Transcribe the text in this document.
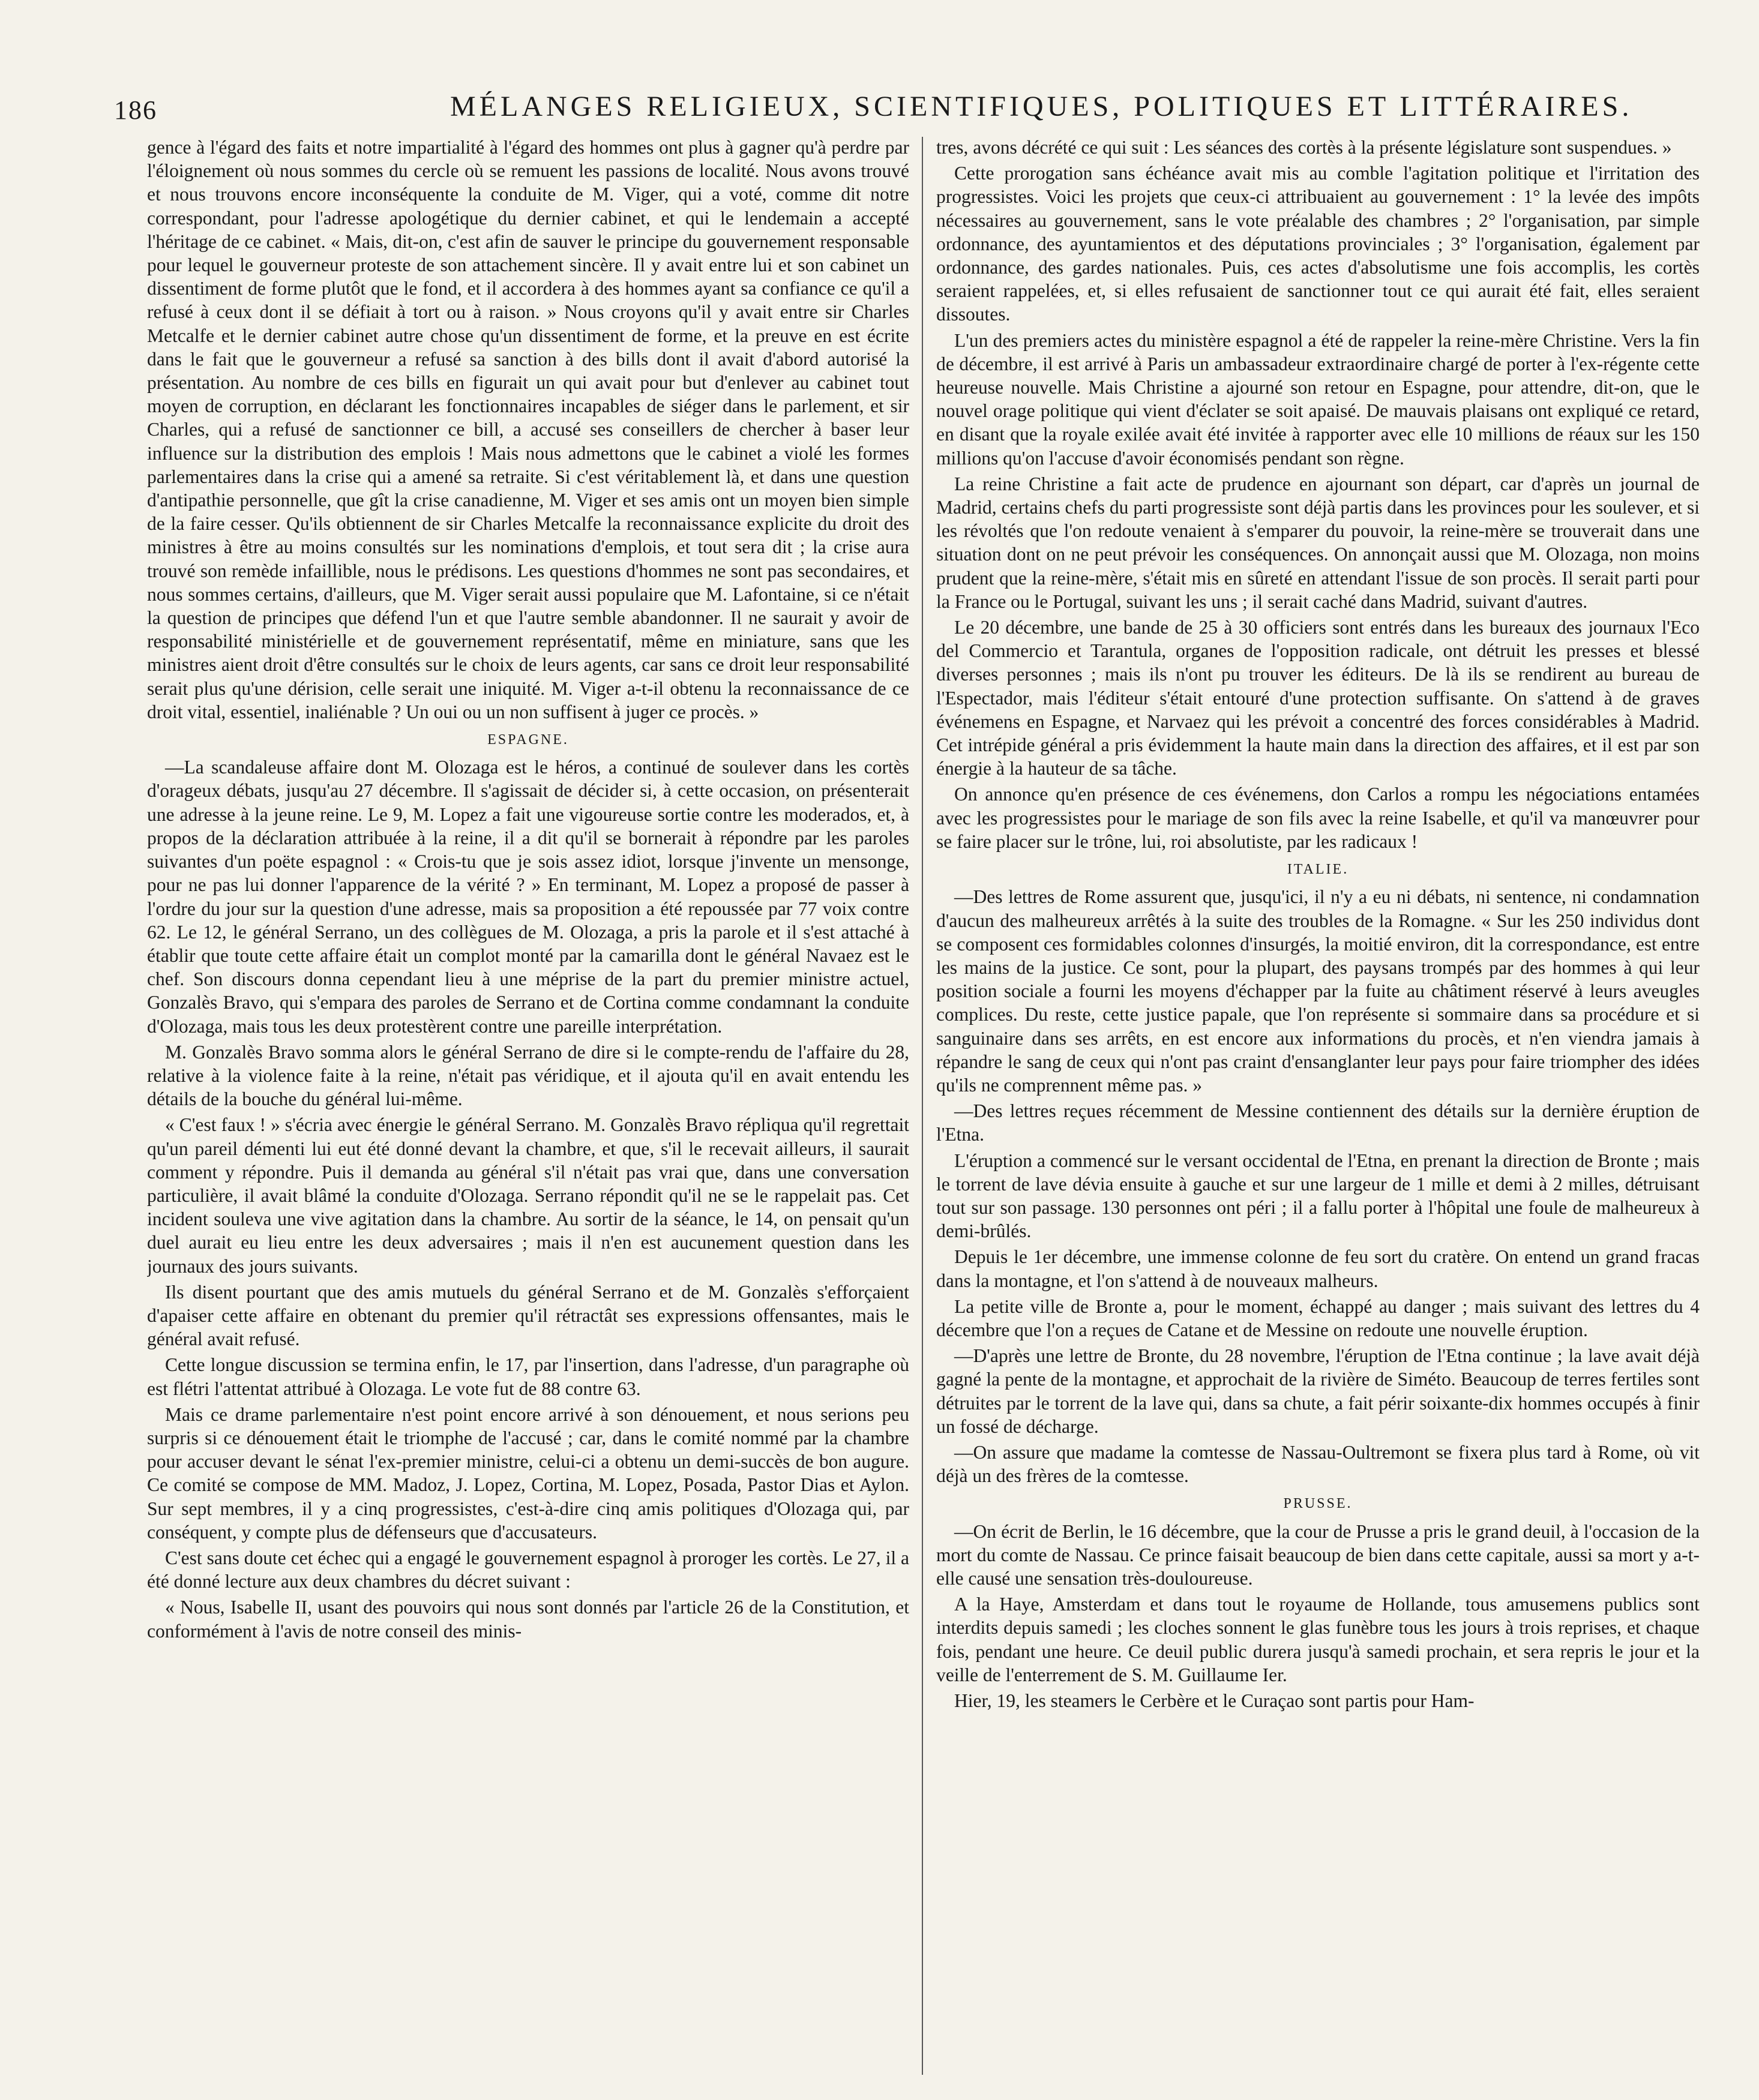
186	MÉLANGES RELIGIEUX, SCIENTIFIQUES, POLITIQUES ET LITTÉRAIRES.

gence à l'égard des faits et notre impartialité à l'égard des hommes ont plus à gagner qu'à perdre par l'éloignement où nous sommes du cercle où se remuent les passions de localité. Nous avons trouvé et nous trouvons encore inconséquente la conduite de M. Viger, qui a voté, comme dit notre correspondant, pour l'adresse apologétique du dernier cabinet, et qui le lendemain a accepté l'héritage de ce cabinet. « Mais, dit-on, c'est afin de sauver le principe du gouvernement responsable pour lequel le gouverneur proteste de son attachement sincère. Il y avait entre lui et son cabinet un dissentiment de forme plutôt que le fond, et il accordera à des hommes ayant sa confiance ce qu'il a refusé à ceux dont il se défiait à tort ou à raison. » Nous croyons qu'il y avait entre sir Charles Metcalfe et le dernier cabinet autre chose qu'un dissentiment de forme, et la preuve en est écrite dans le fait que le gouverneur a refusé sa sanction à des bills dont il avait d'abord autorisé la présentation. Au nombre de ces bills en figurait un qui avait pour but d'enlever au cabinet tout moyen de corruption, en déclarant les fonctionnaires incapables de siéger dans le parlement, et sir Charles, qui a refusé de sanctionner ce bill, a accusé ses conseillers de chercher à baser leur influence sur la distribution des emplois ! Mais nous admettons que le cabinet a violé les formes parlementaires dans la crise qui a amené sa retraite. Si c'est véritablement là, et dans une question d'antipathie personnelle, que gît la crise canadienne, M. Viger et ses amis ont un moyen bien simple de la faire cesser. Qu'ils obtiennent de sir Charles Metcalfe la reconnaissance explicite du droit des ministres à être au moins consultés sur les nominations d'emplois, et tout sera dit ; la crise aura trouvé son remède infaillible, nous le prédisons. Les questions d'hommes ne sont pas secondaires, et nous sommes certains, d'ailleurs, que M. Viger serait aussi populaire que M. Lafontaine, si ce n'était la question de principes que défend l'un et que l'autre semble abandonner. Il ne saurait y avoir de responsabilité ministérielle et de gouvernement représentatif, même en miniature, sans que les ministres aient droit d'être consultés sur le choix de leurs agents, car sans ce droit leur responsabilité serait plus qu'une dérision, celle serait une iniquité. M. Viger a-t-il obtenu la reconnaissance de ce droit vital, essentiel, inaliénable ? Un oui ou un non suffisent à juger ce procès. »

ESPAGNE.

—La scandaleuse affaire dont M. Olozaga est le héros, a continué de soulever dans les cortès d'orageux débats, jusqu'au 27 décembre. Il s'agissait de décider si, à cette occasion, on présenterait une adresse à la jeune reine. Le 9, M. Lopez a fait une vigoureuse sortie contre les moderados, et, à propos de la déclaration attribuée à la reine, il a dit qu'il se bornerait à répondre par les paroles suivantes d'un poëte espagnol : « Crois-tu que je sois assez idiot, lorsque j'invente un mensonge, pour ne pas lui donner l'apparence de la vérité ? » En terminant, M. Lopez a proposé de passer à l'ordre du jour sur la question d'une adresse, mais sa proposition a été repoussée par 77 voix contre 62. Le 12, le général Serrano, un des collègues de M. Olozaga, a pris la parole et il s'est attaché à établir que toute cette affaire était un complot monté par la camarilla dont le général Navaez est le chef. Son discours donna cependant lieu à une méprise de la part du premier ministre actuel, Gonzalès Bravo, qui s'empara des paroles de Serrano et de Cortina comme condamnant la conduite d'Olozaga, mais tous les deux protestèrent contre une pareille interprétation.

M. Gonzalès Bravo somma alors le général Serrano de dire si le compte-rendu de l'affaire du 28, relative à la violence faite à la reine, n'était pas véridique, et il ajouta qu'il en avait entendu les détails de la bouche du général lui-même.

« C'est faux ! » s'écria avec énergie le général Serrano. M. Gonzalès Bravo répliqua qu'il regrettait qu'un pareil démenti lui eut été donné devant la chambre, et que, s'il le recevait ailleurs, il saurait comment y répondre. Puis il demanda au général s'il n'était pas vrai que, dans une conversation particulière, il avait blâmé la conduite d'Olozaga. Serrano répondit qu'il ne se le rappelait pas. Cet incident souleva une vive agitation dans la chambre. Au sortir de la séance, le 14, on pensait qu'un duel aurait eu lieu entre les deux adversaires ; mais il n'en est aucunement question dans les journaux des jours suivants.

Ils disent pourtant que des amis mutuels du général Serrano et de M. Gonzalès s'efforçaient d'apaiser cette affaire en obtenant du premier qu'il rétractât ses expressions offensantes, mais le général avait refusé.

Cette longue discussion se termina enfin, le 17, par l'insertion, dans l'adresse, d'un paragraphe où est flétri l'attentat attribué à Olozaga. Le vote fut de 88 contre 63.

Mais ce drame parlementaire n'est point encore arrivé à son dénouement, et nous serions peu surpris si ce dénouement était le triomphe de l'accusé ; car, dans le comité nommé par la chambre pour accuser devant le sénat l'ex-premier ministre, celui-ci a obtenu un demi-succès de bon augure. Ce comité se compose de MM. Madoz, J. Lopez, Cortina, M. Lopez, Posada, Pastor Dias et Aylon. Sur sept membres, il y a cinq progressistes, c'est-à-dire cinq amis politiques d'Olozaga qui, par conséquent, y compte plus de défenseurs que d'accusateurs.

C'est sans doute cet échec qui a engagé le gouvernement espagnol à proroger les cortès. Le 27, il a été donné lecture aux deux chambres du décret suivant :

« Nous, Isabelle II, usant des pouvoirs qui nous sont donnés par l'article 26 de la Constitution, et conformément à l'avis de notre conseil des minis-

tres, avons décrété ce qui suit : Les séances des cortès à la présente législature sont suspendues. »

Cette prorogation sans échéance avait mis au comble l'agitation politique et l'irritation des progressistes. Voici les projets que ceux-ci attribuaient au gouvernement : 1° la levée des impôts nécessaires au gouvernement, sans le vote préalable des chambres ; 2° l'organisation, par simple ordonnance, des ayuntamientos et des députations provinciales ; 3° l'organisation, également par ordonnance, des gardes nationales. Puis, ces actes d'absolutisme une fois accomplis, les cortès seraient rappelées, et, si elles refusaient de sanctionner tout ce qui aurait été fait, elles seraient dissoutes.

L'un des premiers actes du ministère espagnol a été de rappeler la reine-mère Christine. Vers la fin de décembre, il est arrivé à Paris un ambassadeur extraordinaire chargé de porter à l'ex-régente cette heureuse nouvelle. Mais Christine a ajourné son retour en Espagne, pour attendre, dit-on, que le nouvel orage politique qui vient d'éclater se soit apaisé. De mauvais plaisans ont expliqué ce retard, en disant que la royale exilée avait été invitée à rapporter avec elle 10 millions de réaux sur les 150 millions qu'on l'accuse d'avoir économisés pendant son règne.

La reine Christine a fait acte de prudence en ajournant son départ, car d'après un journal de Madrid, certains chefs du parti progressiste sont déjà partis dans les provinces pour les soulever, et si les révoltés que l'on redoute venaient à s'emparer du pouvoir, la reine-mère se trouverait dans une situation dont on ne peut prévoir les conséquences. On annonçait aussi que M. Olozaga, non moins prudent que la reine-mère, s'était mis en sûreté en attendant l'issue de son procès. Il serait parti pour la France ou le Portugal, suivant les uns ; il serait caché dans Madrid, suivant d'autres.

Le 20 décembre, une bande de 25 à 30 officiers sont entrés dans les bureaux des journaux l'Eco del Commercio et Tarantula, organes de l'opposition radicale, ont détruit les presses et blessé diverses personnes ; mais ils n'ont pu trouver les éditeurs. De là ils se rendirent au bureau de l'Espectador, mais l'éditeur s'était entouré d'une protection suffisante. On s'attend à de graves événemens en Espagne, et Narvaez qui les prévoit a concentré des forces considérables à Madrid. Cet intrépide général a pris évidemment la haute main dans la direction des affaires, et il est par son énergie à la hauteur de sa tâche.

On annonce qu'en présence de ces événemens, don Carlos a rompu les négociations entamées avec les progressistes pour le mariage de son fils avec la reine Isabelle, et qu'il va manœuvrer pour se faire placer sur le trône, lui, roi absolutiste, par les radicaux !

ITALIE.

—Des lettres de Rome assurent que, jusqu'ici, il n'y a eu ni débats, ni sentence, ni condamnation d'aucun des malheureux arrêtés à la suite des troubles de la Romagne. « Sur les 250 individus dont se composent ces formidables colonnes d'insurgés, la moitié environ, dit la correspondance, est entre les mains de la justice. Ce sont, pour la plupart, des paysans trompés par des hommes à qui leur position sociale a fourni les moyens d'échapper par la fuite au châtiment réservé à leurs aveugles complices. Du reste, cette justice papale, que l'on représente si sommaire dans sa procédure et si sanguinaire dans ses arrêts, en est encore aux informations du procès, et n'en viendra jamais à répandre le sang de ceux qui n'ont pas craint d'ensanglanter leur pays pour faire triompher des idées qu'ils ne comprennent même pas. »

—Des lettres reçues récemment de Messine contiennent des détails sur la dernière éruption de l'Etna.

L'éruption a commencé sur le versant occidental de l'Etna, en prenant la direction de Bronte ; mais le torrent de lave dévia ensuite à gauche et sur une largeur de 1 mille et demi à 2 milles, détruisant tout sur son passage. 130 personnes ont péri ; il a fallu porter à l'hôpital une foule de malheureux à demi-brûlés.

Depuis le 1er décembre, une immense colonne de feu sort du cratère. On entend un grand fracas dans la montagne, et l'on s'attend à de nouveaux malheurs.

La petite ville de Bronte a, pour le moment, échappé au danger ; mais suivant des lettres du 4 décembre que l'on a reçues de Catane et de Messine on redoute une nouvelle éruption.

—D'après une lettre de Bronte, du 28 novembre, l'éruption de l'Etna continue ; la lave avait déjà gagné la pente de la montagne, et approchait de la rivière de Siméto. Beaucoup de terres fertiles sont détruites par le torrent de la lave qui, dans sa chute, a fait périr soixante-dix hommes occupés à finir un fossé de décharge.

—On assure que madame la comtesse de Nassau-Oultremont se fixera plus tard à Rome, où vit déjà un des frères de la comtesse.

PRUSSE.

—On écrit de Berlin, le 16 décembre, que la cour de Prusse a pris le grand deuil, à l'occasion de la mort du comte de Nassau. Ce prince faisait beaucoup de bien dans cette capitale, aussi sa mort y a-t-elle causé une sensation très-douloureuse.

A la Haye, Amsterdam et dans tout le royaume de Hollande, tous amusemens publics sont interdits depuis samedi ; les cloches sonnent le glas funèbre tous les jours à trois reprises, et chaque fois, pendant une heure. Ce deuil public durera jusqu'à samedi prochain, et sera repris le jour et la veille de l'enterrement de S. M. Guillaume Ier.

Hier, 19, les steamers le Cerbère et le Curaçao sont partis pour Ham-
